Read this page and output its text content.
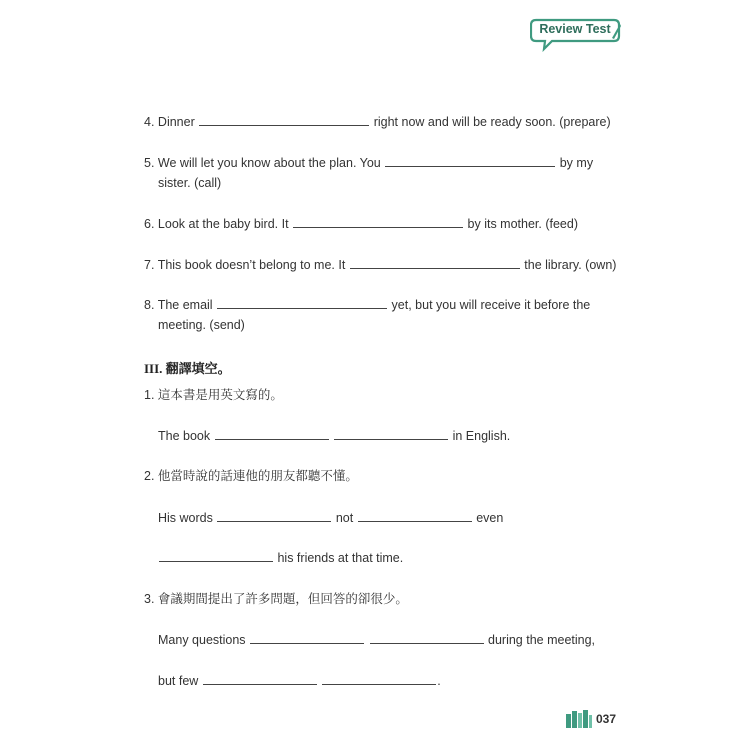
Review Test
4. Dinner	right now and will be ready soon. (prepare)
5. We will let you know about the plan. You	by my
sister. (call)
6. Look at the baby bird. It	by its mother. (feed)
7. This book doesn’t belong to me. It	the library. (own)
8. The email	yet, but you will receive it before the
meeting. (send)
III. 翻譯填空。
1. 這本書是用英文寫的。
The book	in English.
2. 他當時說的話連他的朋友都聽不懂。
His words	not	even
his friends at that time.
3. 會議期間提出了許多問題，但回答的卻很少。
Many questions	during the meeting,
but few	.
037
